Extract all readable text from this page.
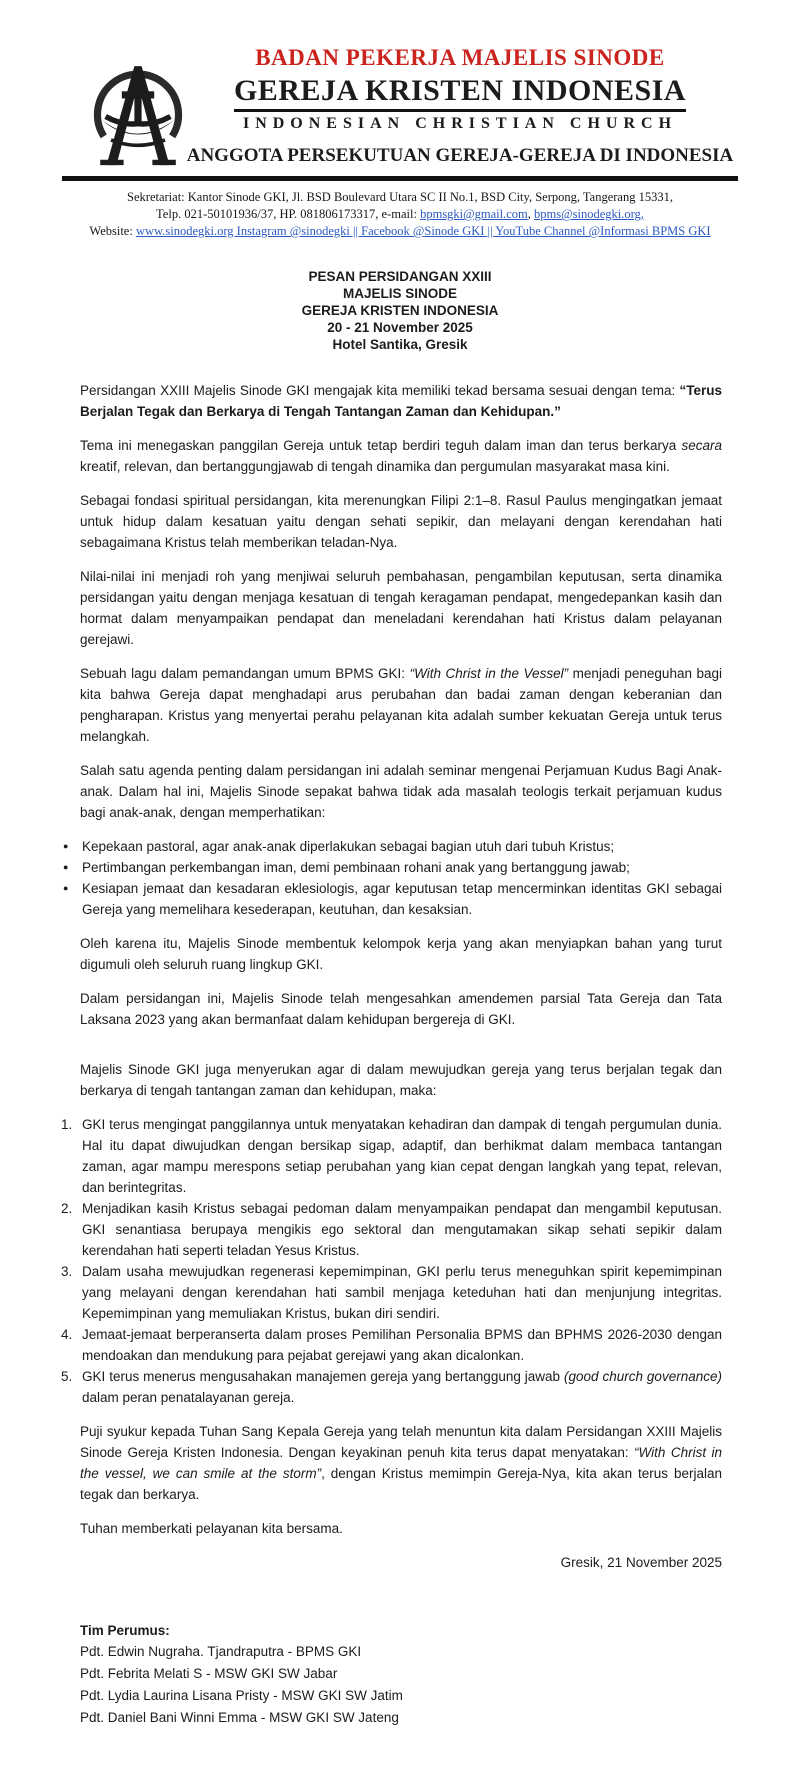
BADAN PEKERJA MAJELIS SINODE
GEREJA KRISTEN INDONESIA
INDONESIAN CHRISTIAN CHURCH
ANGGOTA PERSEKUTUAN GEREJA-GEREJA DI INDONESIA
Sekretariat: Kantor Sinode GKI, Jl. BSD Boulevard Utara SC II No.1, BSD City, Serpong, Tangerang 15331,
Telp. 021-50101936/37, HP. 081806173317, e-mail: bpmsgki@gmail.com, bpms@sinodegki.org,
Website: www.sinodegki.org Instagram @sinodegki || Facebook @Sinode GKI || YouTube Channel @Informasi BPMS GKI
PESAN PERSIDANGAN XXIII
MAJELIS SINODE
GEREJA KRISTEN INDONESIA
20 - 21 November 2025
Hotel Santika, Gresik

Persidangan XXIII Majelis Sinode GKI mengajak kita memiliki tekad bersama sesuai dengan tema: “Terus Berjalan Tegak dan Berkarya di Tengah Tantangan Zaman dan Kehidupan.”

Tema ini menegaskan panggilan Gereja untuk tetap berdiri teguh dalam iman dan terus berkarya secara kreatif, relevan, dan bertanggungjawab di tengah dinamika dan pergumulan masyarakat masa kini.

Sebagai fondasi spiritual persidangan, kita merenungkan Filipi 2:1–8. Rasul Paulus mengingatkan jemaat untuk hidup dalam kesatuan yaitu dengan sehati sepikir, dan melayani dengan kerendahan hati sebagaimana Kristus telah memberikan teladan-Nya.

Nilai-nilai ini menjadi roh yang menjiwai seluruh pembahasan, pengambilan keputusan, serta dinamika persidangan yaitu dengan menjaga kesatuan di tengah keragaman pendapat, mengedepankan kasih dan hormat dalam menyampaikan pendapat dan meneladani kerendahan hati Kristus dalam pelayanan gerejawi.

Sebuah lagu dalam pemandangan umum BPMS GKI: “With Christ in the Vessel” menjadi peneguhan bagi kita bahwa Gereja dapat menghadapi arus perubahan dan badai zaman dengan keberanian dan pengharapan. Kristus yang menyertai perahu pelayanan kita adalah sumber kekuatan Gereja untuk terus melangkah.

Salah satu agenda penting dalam persidangan ini adalah seminar mengenai Perjamuan Kudus Bagi Anak-anak. Dalam hal ini, Majelis Sinode sepakat bahwa tidak ada masalah teologis terkait perjamuan kudus bagi anak-anak, dengan memperhatikan:

● Kepekaan pastoral, agar anak-anak diperlakukan sebagai bagian utuh dari tubuh Kristus;
● Pertimbangan perkembangan iman, demi pembinaan rohani anak yang bertanggung jawab;
● Kesiapan jemaat dan kesadaran eklesiologis, agar keputusan tetap mencerminkan identitas GKI sebagai Gereja yang memelihara kesederapan, keutuhan, dan kesaksian.

Oleh karena itu, Majelis Sinode membentuk kelompok kerja yang akan menyiapkan bahan yang turut digumuli oleh seluruh ruang lingkup GKI.

Dalam persidangan ini, Majelis Sinode telah mengesahkan amendemen parsial Tata Gereja dan Tata Laksana 2023 yang akan bermanfaat dalam kehidupan bergereja di GKI.

Majelis Sinode GKI juga menyerukan agar di dalam mewujudkan gereja yang terus berjalan tegak dan berkarya di tengah tantangan zaman dan kehidupan, maka:

GKI terus mengingat panggilannya untuk menyatakan kehadiran dan dampak di tengah pergumulan dunia. Hal itu dapat diwujudkan dengan bersikap sigap, adaptif, dan berhikmat dalam membaca tantangan zaman, agar mampu merespons setiap perubahan yang kian cepat dengan langkah yang tepat, relevan, dan berintegritas.
Menjadikan kasih Kristus sebagai pedoman dalam menyampaikan pendapat dan mengambil keputusan. GKI senantiasa berupaya mengikis ego sektoral dan mengutamakan sikap sehati sepikir dalam kerendahan hati seperti teladan Yesus Kristus.
Dalam usaha mewujudkan regenerasi kepemimpinan, GKI perlu terus meneguhkan spirit kepemimpinan yang melayani dengan kerendahan hati sambil menjaga keteduhan hati dan menjunjung integritas. Kepemimpinan yang memuliakan Kristus, bukan diri sendiri.
Jemaat-jemaat berperanserta dalam proses Pemilihan Personalia BPMS dan BPHMS 2026-2030 dengan mendoakan dan mendukung para pejabat gerejawi yang akan dicalonkan.
GKI terus menerus mengusahakan manajemen gereja yang bertanggung jawab (good church governance) dalam peran penatalayanan gereja.

Puji syukur kepada Tuhan Sang Kepala Gereja yang telah menuntun kita dalam Persidangan XXIII Majelis Sinode Gereja Kristen Indonesia. Dengan keyakinan penuh kita terus dapat menyatakan: “With Christ in the vessel, we can smile at the storm”, dengan Kristus memimpin Gereja-Nya, kita akan terus berjalan tegak dan berkarya.

Tuhan memberkati pelayanan kita bersama.

Gresik, 21 November 2025

Tim Perumus:
Pdt. Edwin Nugraha. Tjandraputra - BPMS GKI
Pdt. Febrita Melati S - MSW GKI SW Jabar
Pdt. Lydia Laurina Lisana Pristy - MSW GKI SW Jatim
Pdt. Daniel Bani Winni Emma - MSW GKI SW Jateng
